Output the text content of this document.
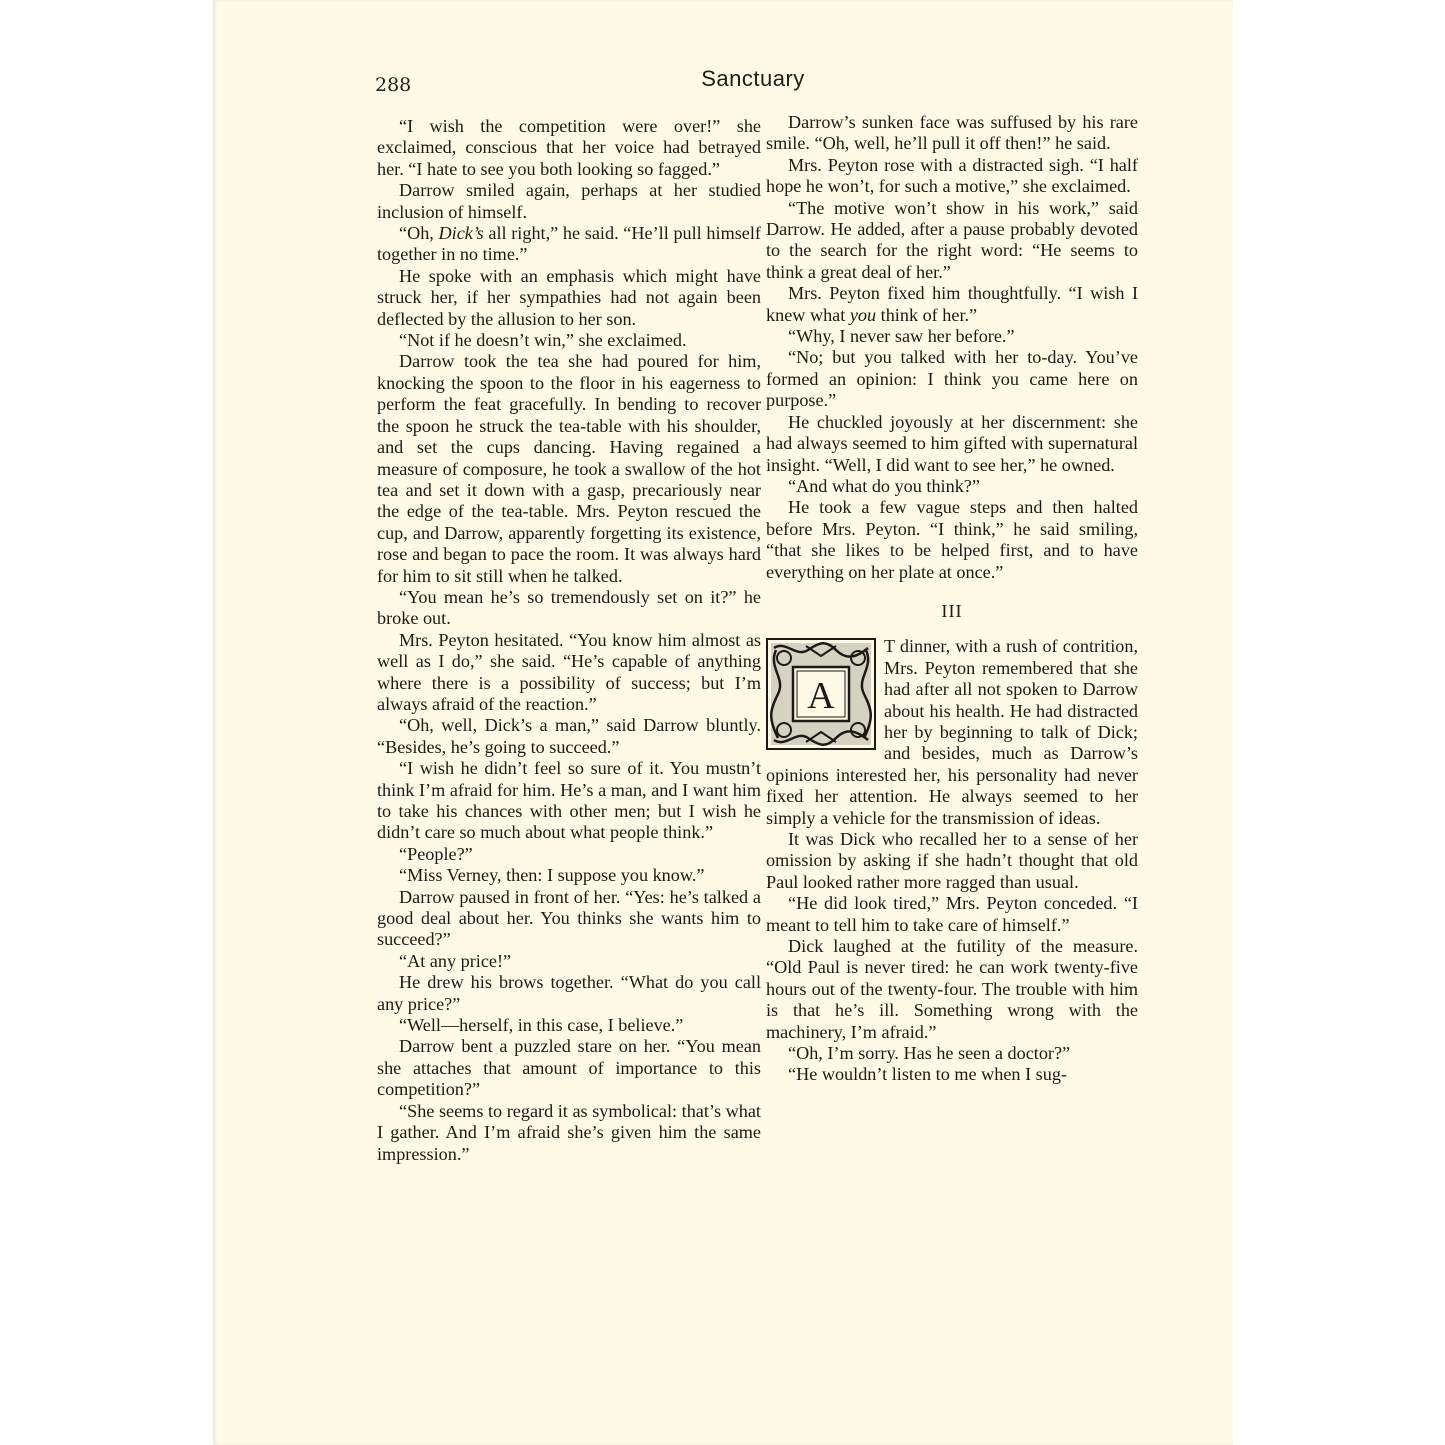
288	Sanctuary

“I wish the competition were over!” she exclaimed, conscious that her voice had betrayed her. “I hate to see you both looking so fagged.”

Darrow smiled again, perhaps at her studied inclusion of himself.

“Oh, Dick’s all right,” he said. “He’ll pull himself together in no time.”

He spoke with an emphasis which might have struck her, if her sympathies had not again been deflected by the allusion to her son.

“Not if he doesn’t win,” she exclaimed.

Darrow took the tea she had poured for him, knocking the spoon to the floor in his eagerness to perform the feat gracefully. In bending to recover the spoon he struck the tea-table with his shoulder, and set the cups dancing. Having regained a measure of composure, he took a swallow of the hot tea and set it down with a gasp, precariously near the edge of the tea-table. Mrs. Peyton rescued the cup, and Darrow, apparently forgetting its existence, rose and began to pace the room. It was always hard for him to sit still when he talked.

“You mean he’s so tremendously set on it?” he broke out.

Mrs. Peyton hesitated. “You know him almost as well as I do,” she said. “He’s capable of anything where there is a possibility of success; but I’m always afraid of the reaction.”

“Oh, well, Dick’s a man,” said Darrow bluntly. “Besides, he’s going to succeed.”

“I wish he didn’t feel so sure of it. You mustn’t think I’m afraid for him. He’s a man, and I want him to take his chances with other men; but I wish he didn’t care so much about what people think.”

“People?”

“Miss Verney, then: I suppose you know.”

Darrow paused in front of her. “Yes: he’s talked a good deal about her. You thinks she wants him to succeed?”

“At any price!”

He drew his brows together. “What do you call any price?”

“Well—herself, in this case, I believe.”

Darrow bent a puzzled stare on her. “You mean she attaches that amount of importance to this competition?”

“She seems to regard it as symbolical: that’s what I gather. And I’m afraid she’s given him the same impression.”

Darrow’s sunken face was suffused by his rare smile. “Oh, well, he’ll pull it off then!” he said.

Mrs. Peyton rose with a distracted sigh. “I half hope he won’t, for such a motive,” she exclaimed.

“The motive won’t show in his work,” said Darrow. He added, after a pause probably devoted to the search for the right word: “He seems to think a great deal of her.”

Mrs. Peyton fixed him thoughtfully. “I wish I knew what you think of her.”

“Why, I never saw her before.”

“No; but you talked with her to-day. You’ve formed an opinion: I think you came here on purpose.”

He chuckled joyously at her discernment: she had always seemed to him gifted with supernatural insight. “Well, I did want to see her,” he owned.

“And what do you think?”

He took a few vague steps and then halted before Mrs. Peyton. “I think,” he said smiling, “that she likes to be helped first, and to have everything on her plate at once.”

III
A

T dinner, with a rush of contrition, Mrs. Peyton remembered that she had after all not spoken to Darrow about his health. He had distracted her by beginning to talk of Dick; and besides, much as Darrow’s opinions interested her, his personality had never fixed her attention. He always seemed to her simply a vehicle for the transmission of ideas.

It was Dick who recalled her to a sense of her omission by asking if she hadn’t thought that old Paul looked rather more ragged than usual.

“He did look tired,” Mrs. Peyton conceded. “I meant to tell him to take care of himself.”

Dick laughed at the futility of the measure. “Old Paul is never tired: he can work twenty-five hours out of the twenty-four. The trouble with him is that he’s ill. Something wrong with the machinery, I’m afraid.”

“Oh, I’m sorry. Has he seen a doctor?”

“He wouldn’t listen to me when I sug-
